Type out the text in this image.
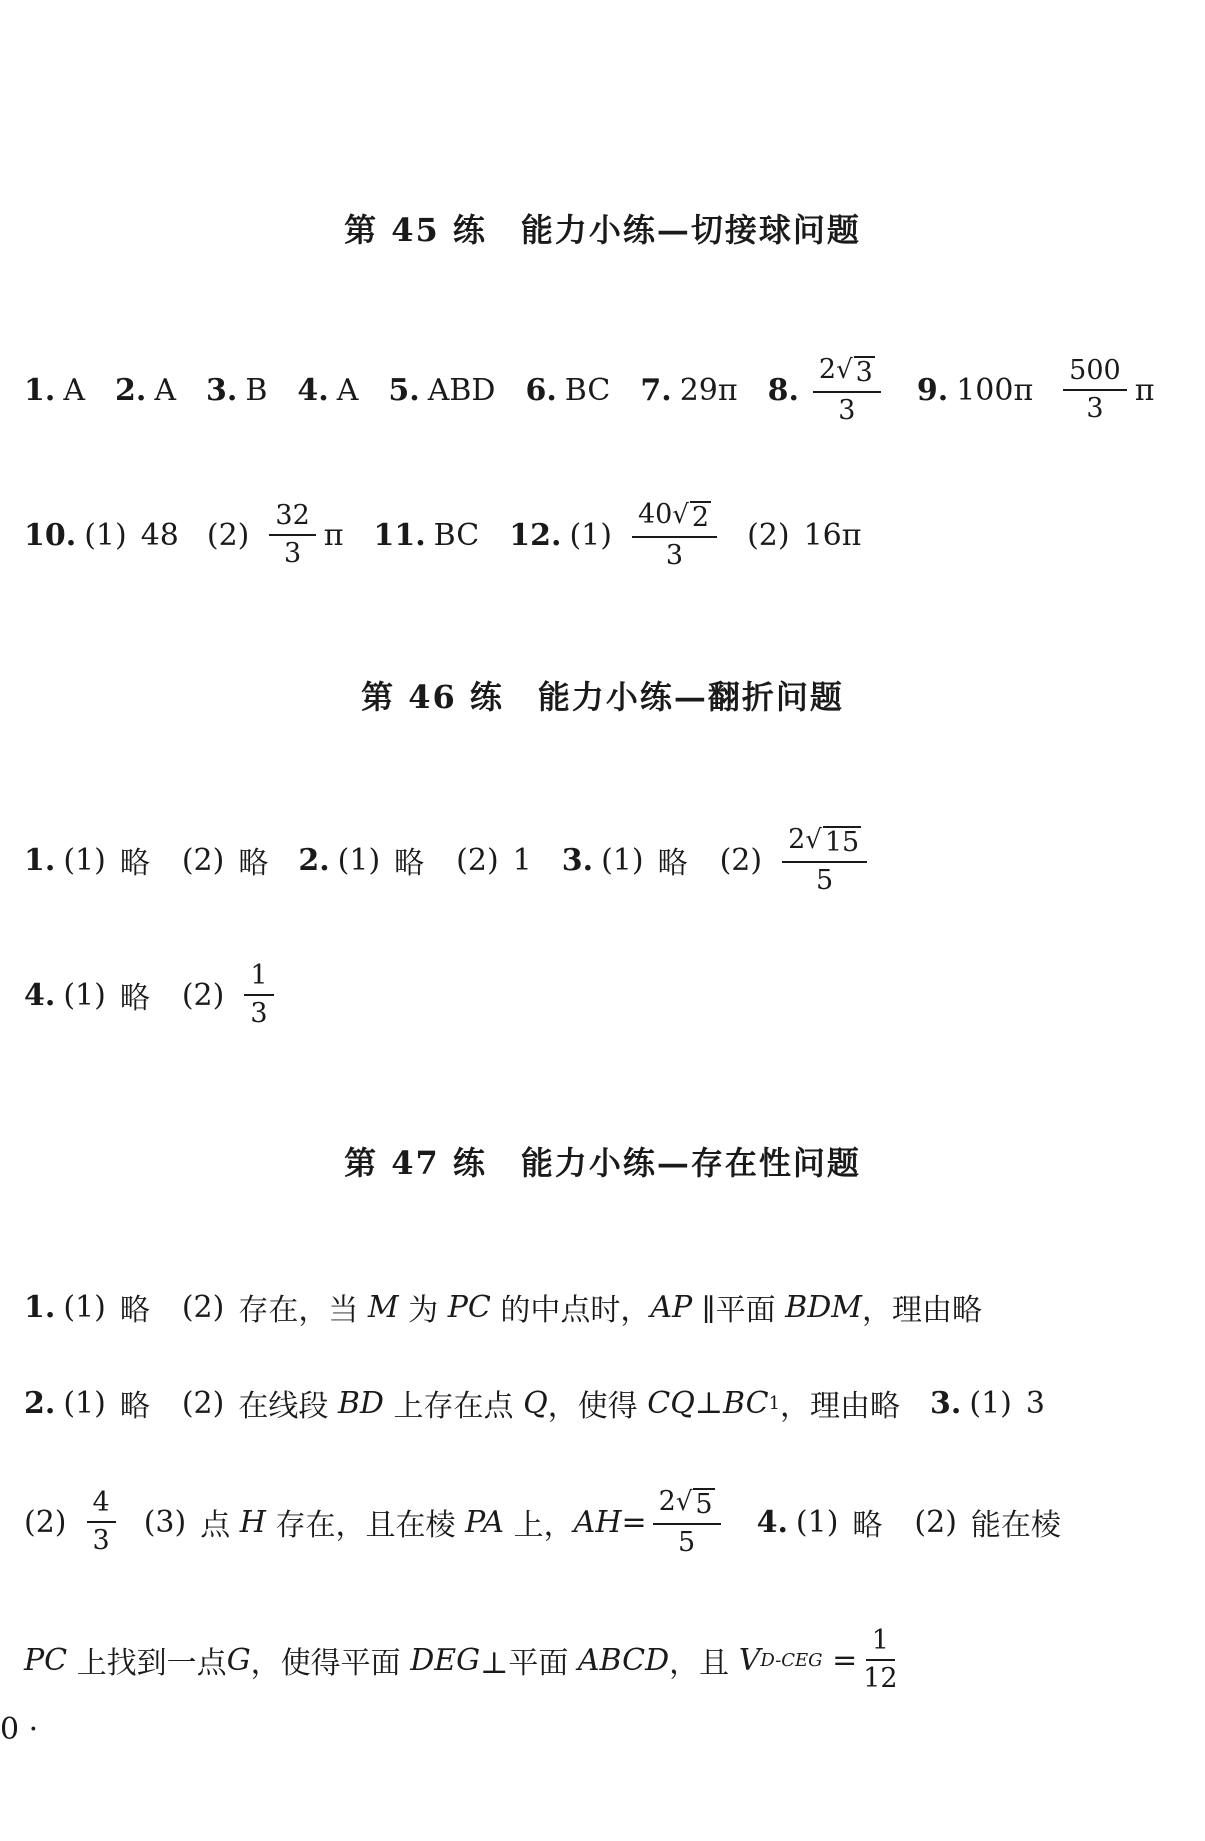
第 45 练 能力小练—切接球问题
1. A 2. A 3. B 4. A 5. ABD 6. BC 7. 29π 8. $\frac{2 √ 3}{3} 9$. $100\pi \frac{500}{3}$ π
10. (1) 48 $(2) \frac{32}{3}$ π 11. BC 12. $(1) \frac{40 √ 2}{3} (2)$ 16π
第 46 练 能力小练—翻折问题
1. (1) 略 (2) 略 2. (1) 略 (2) 1 3. (1) 略 $(2) \frac{2 √ 15}{5}$
4. (1) 略 $(2) \frac{1}{3}$
第 47 练 能力小练—存在性问题
1. (1) 略 (2) 存在，当
M
为
PC
的中点时， AP
∥平面
BDM ，理由略
2. (1) 略 (2) 在线段
BD
上存在点
Q ，使得
CQ ⊥ BC 1 ，理由略 3. (1) 3
$(2) \frac{4}{3} (3)$ 点
H
存在，且在棱
PA
上， AH = $\frac{2 √ 5}{5} 4$. (1) 略 (2) 能在棱
PC
上找到一点 G ，使得平面
DEG ⊥平面
ABCD ，且
V D-CEG
= $\frac{1}{12}$
0 ·
